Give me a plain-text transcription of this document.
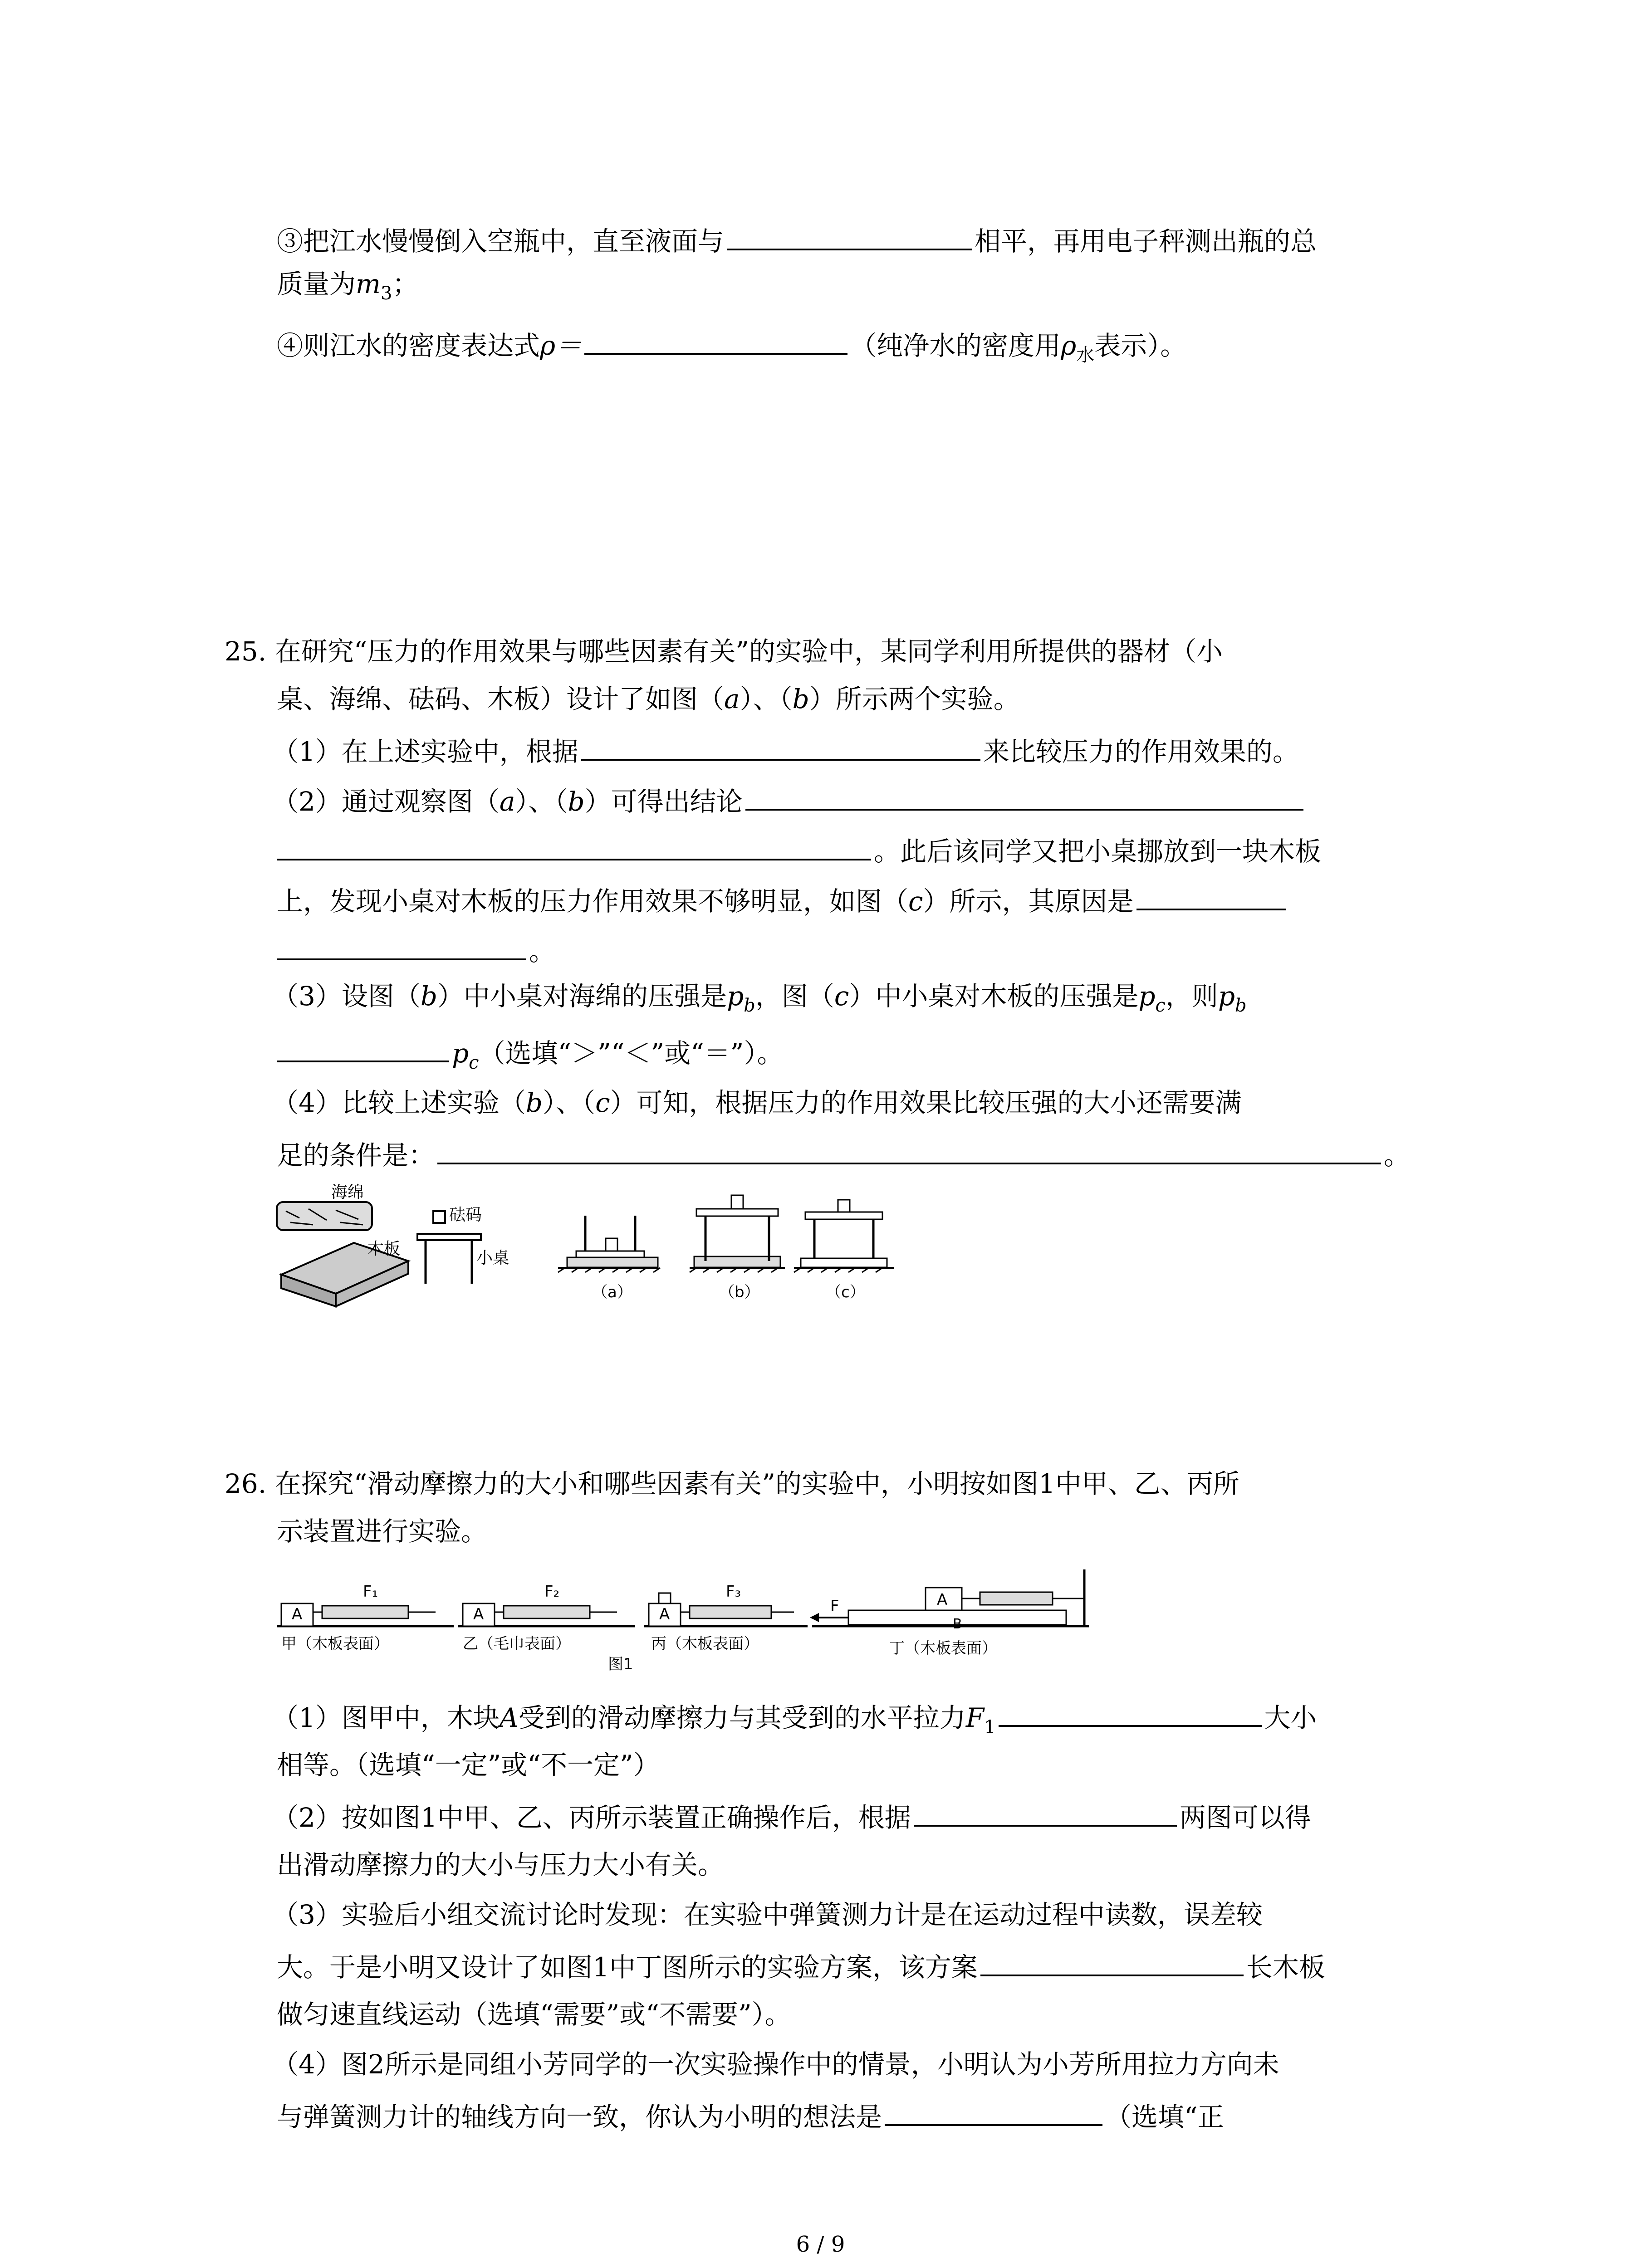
③把江水慢慢倒入空瓶中，直至液面与	相平，再用电子秤测出瓶的总
质量为$m_3$；
④则江水的密度表达式ρ＝	（纯净水的密度用$\rho_水$表示）。
25. 在研究“压力的作用效果与哪些因素有关”的实验中，某同学利用所提供的器材（小
桌、海绵、砝码、木板）设计了如图（a）、（b）所示两个实验。
（1）在上述实验中，根据	来比较压力的作用效果的。
（2）通过观察图（a）、（b）可得出结论
。此后该同学又把小桌挪放到一块木板
上，发现小桌对木板的压力作用效果不够明显，如图（c）所示，其原因是
。
（3）设图（b）中小桌对海绵的压强是$p_b$，图（c）中小桌对木板的压强是$p_c$，则$p_b$
$p_c$（选填“＞”“＜”或“＝”）。
（4）比较上述实验（b）、（c）可知，根据压力的作用效果比较压强的大小还需要满
足的条件是：	。
海绵
木板
砝码
小桌
（a）	（b）	（c）
26. 在探究“滑动摩擦力的大小和哪些因素有关”的实验中，小明按如图1中甲、乙、丙所
示装置进行实验。
A
F₁
甲（木板表面）
A
F₂
乙（毛巾表面）
A
F₃
丙（木板表面）
图1
A
B
F
丁（木板表面）
（1）图甲中，木块A受到的滑动摩擦力与其受到的水平拉力$F_1$	大小
相等。（选填“一定”或“不一定”）
（2）按如图1中甲、乙、丙所示装置正确操作后，根据	两图可以得
出滑动摩擦力的大小与压力大小有关。
（3）实验后小组交流讨论时发现：在实验中弹簧测力计是在运动过程中读数，误差较
大。于是小明又设计了如图1中丁图所示的实验方案，该方案	长木板
做匀速直线运动（选填“需要”或“不需要”）。
（4）图2所示是同组小芳同学的一次实验操作中的情景，小明认为小芳所用拉力方向未
与弹簧测力计的轴线方向一致，你认为小明的想法是	（选填“正
6 / 9
